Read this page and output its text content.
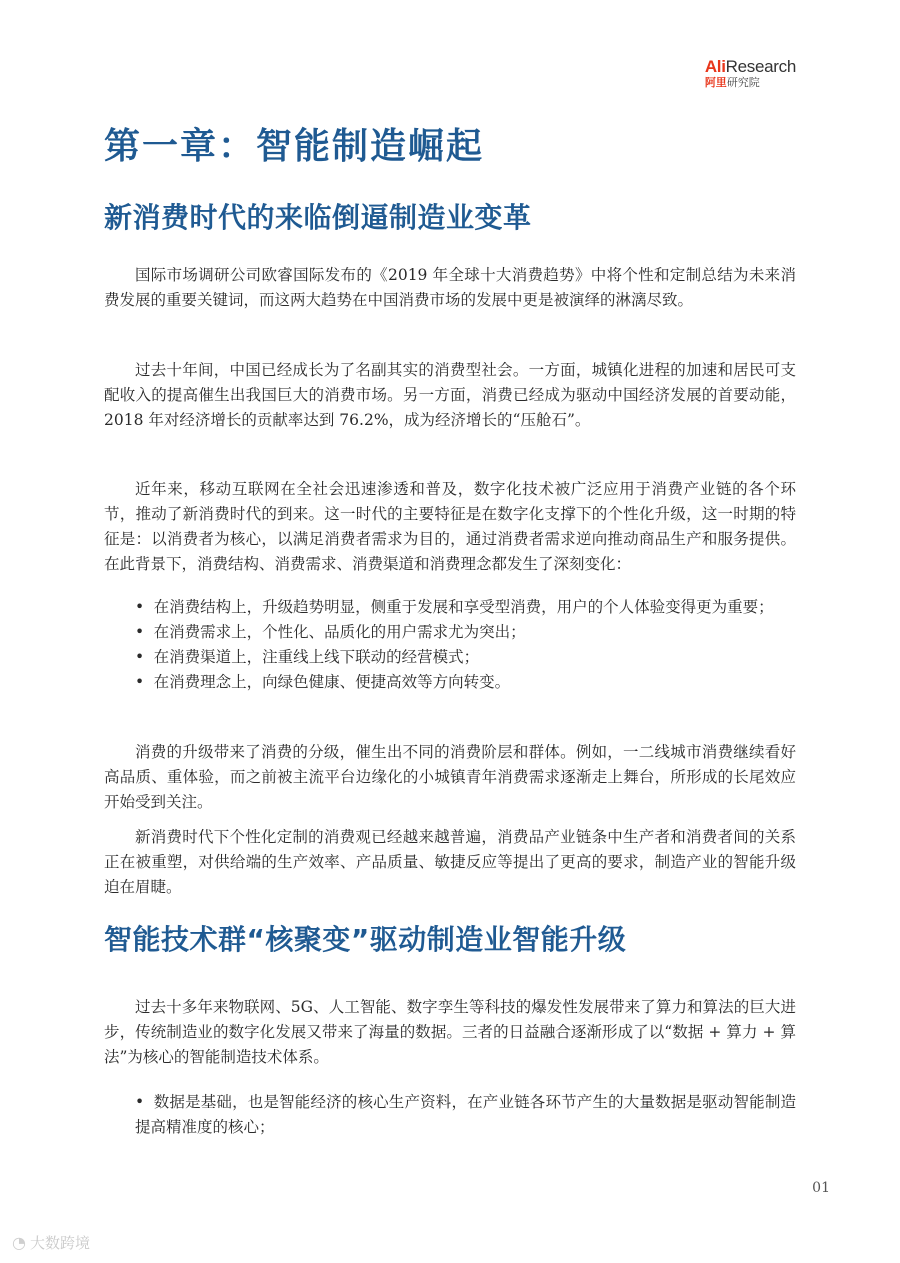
AliResearch
阿里研究院
第一章：智能制造崛起
新消费时代的来临倒逼制造业变革

国际市场调研公司欧睿国际发布的《2019 年全球十大消费趋势》中将个性和定制总结为未来消费发展的重要关键词，而这两大趋势在中国消费市场的发展中更是被演绎的淋漓尽致。

过去十年间，中国已经成长为了名副其实的消费型社会。一方面，城镇化进程的加速和居民可支配收入的提高催生出我国巨大的消费市场。另一方面，消费已经成为驱动中国经济发展的首要动能，2018 年对经济增长的贡献率达到 76.2%，成为经济增长的“压舱石”。

近年来，移动互联网在全社会迅速渗透和普及，数字化技术被广泛应用于消费产业链的各个环节，推动了新消费时代的到来。这一时代的主要特征是在数字化支撑下的个性化升级，这一时期的特征是：以消费者为核心，以满足消费者需求为目的，通过消费者需求逆向推动商品生产和服务提供。在此背景下，消费结构、消费需求、消费渠道和消费理念都发生了深刻变化：

• 在消费结构上，升级趋势明显，侧重于发展和享受型消费，用户的个人体验变得更为重要；
• 在消费需求上，个性化、品质化的用户需求尤为突出；
• 在消费渠道上，注重线上线下联动的经营模式；
• 在消费理念上，向绿色健康、便捷高效等方向转变。

消费的升级带来了消费的分级，催生出不同的消费阶层和群体。例如，一二线城市消费继续看好高品质、重体验，而之前被主流平台边缘化的小城镇青年消费需求逐渐走上舞台，所形成的长尾效应开始受到关注。

新消费时代下个性化定制的消费观已经越来越普遍，消费品产业链条中生产者和消费者间的关系正在被重塑，对供给端的生产效率、产品质量、敏捷反应等提出了更高的要求，制造产业的智能升级迫在眉睫。

智能技术群“核聚变”驱动制造业智能升级

过去十多年来物联网、5G、人工智能、数字孪生等科技的爆发性发展带来了算力和算法的巨大进步，传统制造业的数字化发展又带来了海量的数据。三者的日益融合逐渐形成了以“数据 + 算力 + 算法”为核心的智能制造技术体系。

• 数据是基础，也是智能经济的核心生产资料，在产业链各环节产生的大量数据是驱动智能制造提高精准度的核心；
01
◔ 大数跨境
